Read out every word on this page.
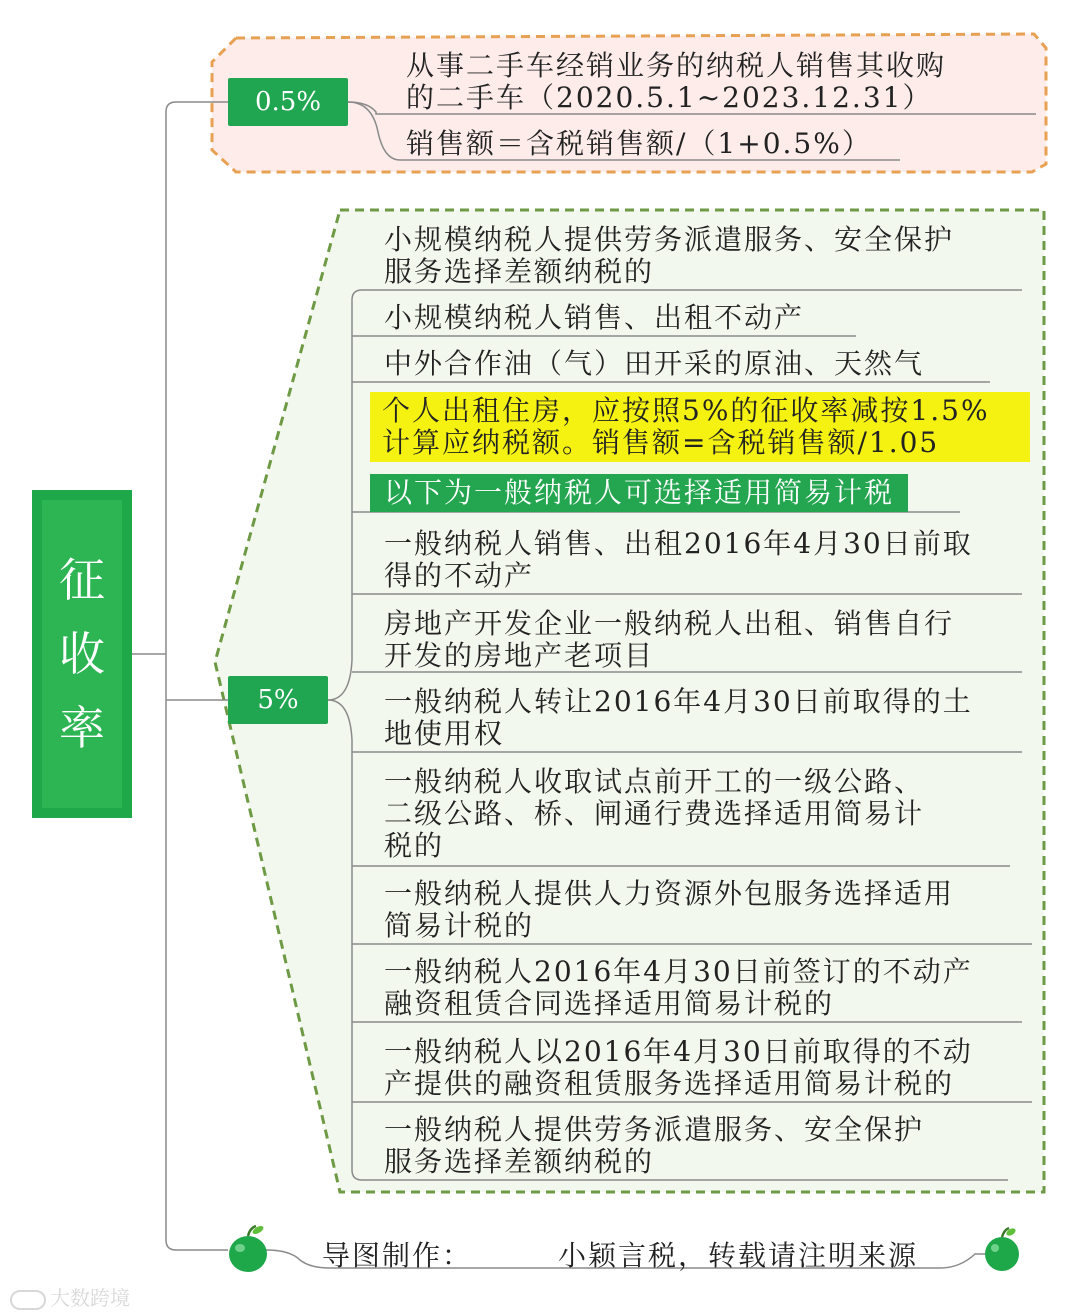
征
收
率
0.5%
5%
从事二手车经销业务的纳税人销售其收购
的二手车（2020.5.1~2023.12.31）
销售额＝含税销售额/（1+0.5%）
小规模纳税人提供劳务派遣服务、安全保护
服务选择差额纳税的
小规模纳税人销售、出租不动产
中外合作油（气）田开采的原油、天然气
个人出租住房，应按照5%的征收率减按1.5%
计算应纳税额。销售额=含税销售额/1.05
以下为一般纳税人可选择适用简易计税
一般纳税人销售、出租2016年4月30日前取
得的不动产
房地产开发企业一般纳税人出租、销售自行
开发的房地产老项目
一般纳税人转让2016年4月30日前取得的土
地使用权
一般纳税人收取试点前开工的一级公路、
二级公路、桥、闸通行费选择适用简易计
税的
一般纳税人提供人力资源外包服务选择适用
简易计税的
一般纳税人2016年4月30日前签订的不动产
融资租赁合同选择适用简易计税的
一般纳税人以2016年4月30日前取得的不动
产提供的融资租赁服务选择适用简易计税的
一般纳税人提供劳务派遣服务、安全保护
服务选择差额纳税的
导图制作：	小颖言税，转载请注明来源
大数跨境
